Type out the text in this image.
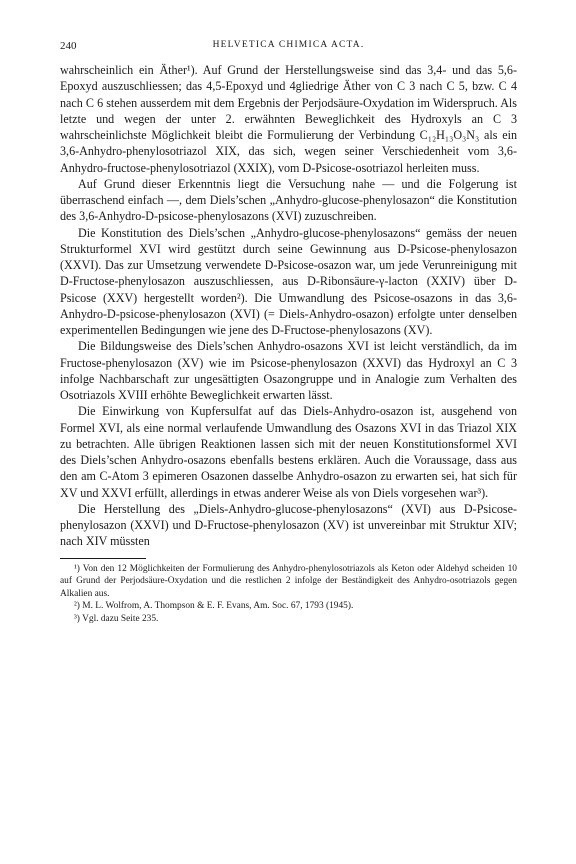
240	HELVETICA CHIMICA ACTA.

wahrscheinlich ein Äther¹). Auf Grund der Herstellungsweise sind das 3,4- und das 5,6-Epoxyd auszuschliessen; das 4,5-Epoxyd und 4gliedrige Äther von C 3 nach C 5, bzw. C 4 nach C 6 stehen ausserdem mit dem Ergebnis der Perjodsäure-Oxydation im Widerspruch. Als letzte und wegen der unter 2. erwähnten Beweglichkeit des Hydroxyls an C 3 wahrscheinlichste Möglichkeit bleibt die Formulierung der Verbindung C₁₂H₁₃O₃N₃ als ein 3,6-Anhydro-phenylosotriazol XIX, das sich, wegen seiner Verschiedenheit vom 3,6-Anhydro-fructose-phenylosotriazol (XXIX), vom D-Psicose-osotriazol herleiten muss.

Auf Grund dieser Erkenntnis liegt die Versuchung nahe — und die Folgerung ist überraschend einfach —, dem Diels’schen „Anhydro-glucose-phenylosazon“ die Konstitution des 3,6-Anhydro-D-psicose-phenylosazons (XVI) zuzuschreiben.

Die Konstitution des Diels’schen „Anhydro-glucose-phenylosazons“ gemäss der neuen Strukturformel XVI wird gestützt durch seine Gewinnung aus D-Psicose-phenylosazon (XXVI). Das zur Umsetzung verwendete D-Psicose-osazon war, um jede Verunreinigung mit D-Fructose-phenylosazon auszuschliessen, aus D-Ribonsäure-γ-lacton (XXIV) über D-Psicose (XXV) hergestellt worden²). Die Umwandlung des Psicose-osazons in das 3,6-Anhydro-D-psicose-phenylosazon (XVI) (= Diels-Anhydro-osazon) erfolgte unter denselben experimentellen Bedingungen wie jene des D-Fructose-phenylosazons (XV).

Die Bildungsweise des Diels’schen Anhydro-osazons XVI ist leicht verständlich, da im Fructose-phenylosazon (XV) wie im Psicose-phenylosazon (XXVI) das Hydroxyl an C 3 infolge Nachbarschaft zur ungesättigten Osazongruppe und in Analogie zum Verhalten des Osotriazols XVIII erhöhte Beweglichkeit erwarten lässt.

Die Einwirkung von Kupfersulfat auf das Diels-Anhydro-osazon ist, ausgehend von Formel XVI, als eine normal verlaufende Umwandlung des Osazons XVI in das Triazol XIX zu betrachten. Alle übrigen Reaktionen lassen sich mit der neuen Konstitutionsformel XVI des Diels’schen Anhydro-osazons ebenfalls bestens erklären. Auch die Voraussage, dass aus den am C-Atom 3 epimeren Osazonen dasselbe Anhydro-osazon zu erwarten sei, hat sich für XV und XXVI erfüllt, allerdings in etwas anderer Weise als von Diels vorgesehen war³).

Die Herstellung des „Diels-Anhydro-glucose-phenylosazons“ (XVI) aus D-Psicose-phenylosazon (XXVI) und D-Fructose-phenylosazon (XV) ist unvereinbar mit Struktur XIV; nach XIV müssten

¹) Von den 12 Möglichkeiten der Formulierung des Anhydro-phenylosotriazols als Keton oder Aldehyd scheiden 10 auf Grund der Perjodsäure-Oxydation und die restlichen 2 infolge der Beständigkeit des Anhydro-osotriazols gegen Alkalien aus.

²) M. L. Wolfrom, A. Thompson & E. F. Evans, Am. Soc. 67, 1793 (1945).

³) Vgl. dazu Seite 235.
